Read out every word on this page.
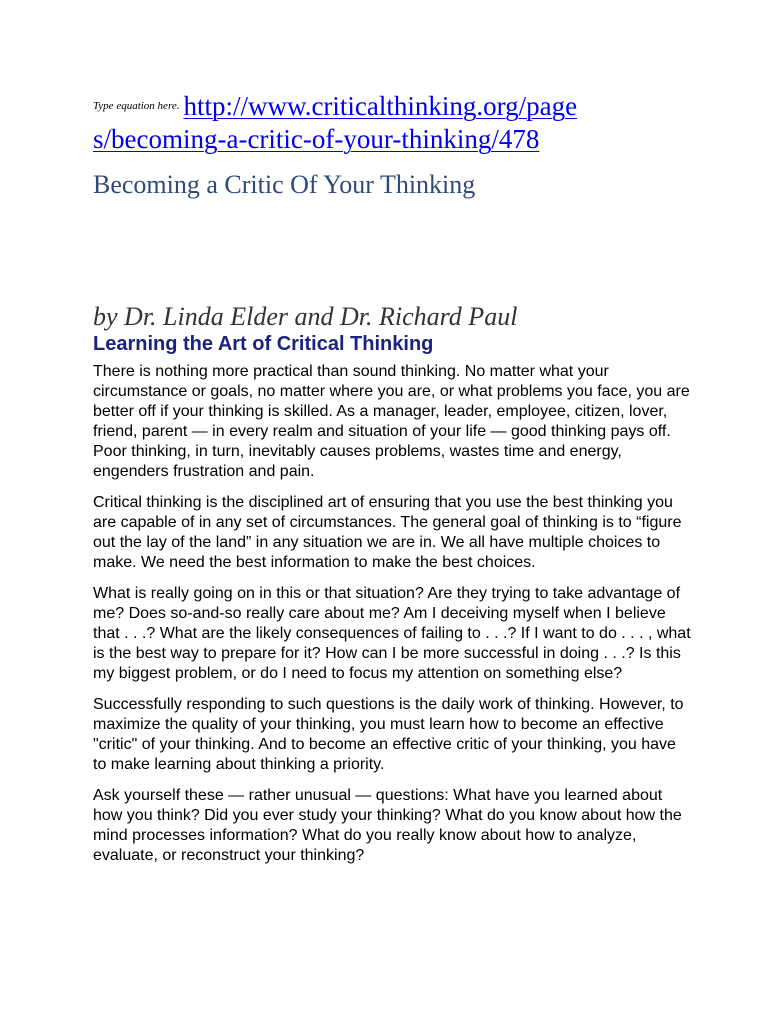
$^{Type equation here.}$ http://www.criticalthinking.org/page
s/becoming-a-critic-of-your-thinking/478
Becoming a Critic Of Your Thinking
by Dr. Linda Elder and Dr. Richard Paul
Learning the Art of Critical Thinking

There is nothing more practical than sound thinking. No matter what your circumstance or goals, no matter where you are, or what problems you face, you are better off if your thinking is skilled. As a manager, leader, employee, citizen, lover, friend, parent — in every realm and situation of your life — good thinking pays off. Poor thinking, in turn, inevitably causes problems, wastes time and energy, engenders frustration and pain.

Critical thinking is the disciplined art of ensuring that you use the best thinking you are capable of in any set of circumstances. The general goal of thinking is to “figure out the lay of the land” in any situation we are in. We all have multiple choices to make. We need the best information to make the best choices.

What is really going on in this or that situation? Are they trying to take advantage of me? Does so-and-so really care about me? Am I deceiving myself when I believe that . . .? What are the likely consequences of failing to . . .? If I want to do . . . , what is the best way to prepare for it? How can I be more successful in doing . . .? Is this my biggest problem, or do I need to focus my attention on something else?

Successfully responding to such questions is the daily work of thinking. However, to maximize the quality of your thinking, you must learn how to become an effective "critic" of your thinking. And to become an effective critic of your thinking, you have to make learning about thinking a priority.

Ask yourself these — rather unusual — questions: What have you learned about how you think? Did you ever study your thinking? What do you know about how the mind processes information? What do you really know about how to analyze, evaluate, or reconstruct your thinking?
